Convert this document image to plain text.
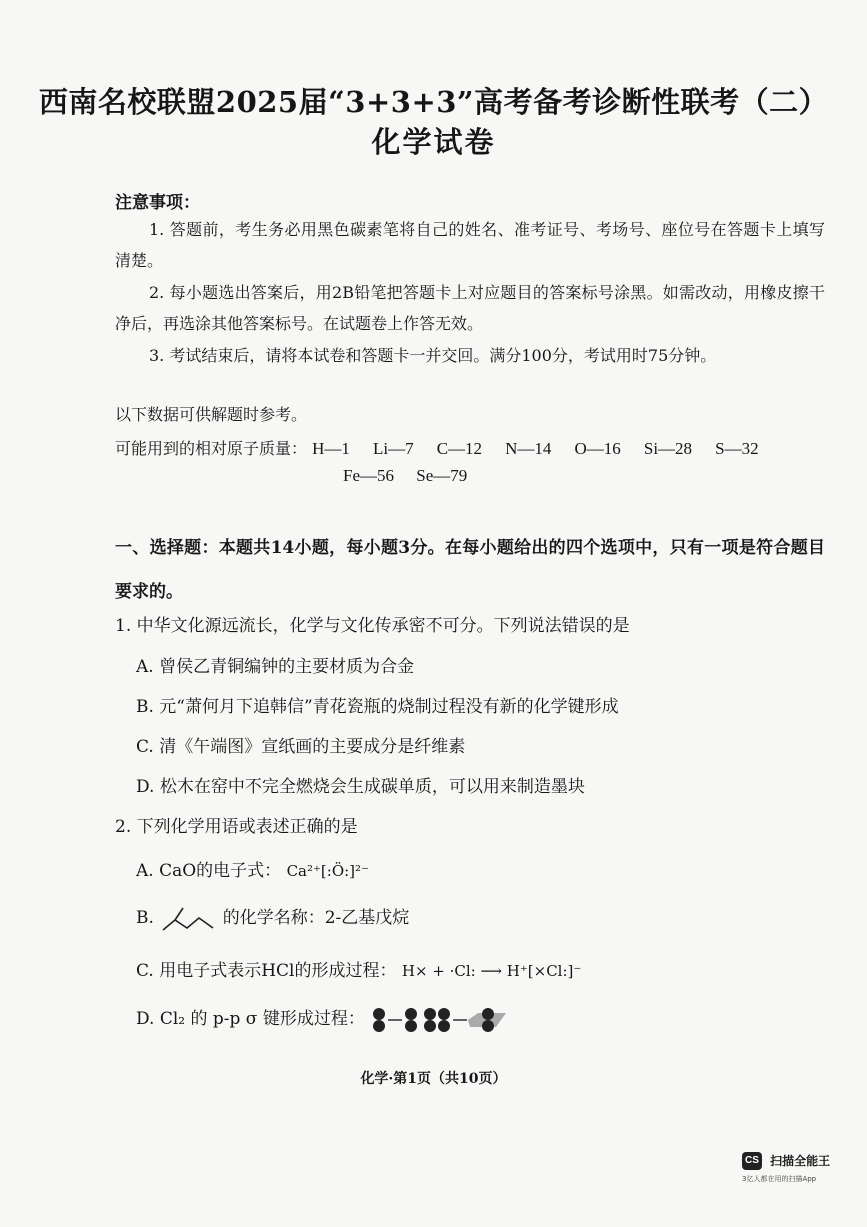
西南名校联盟2025届“3+3+3”高考备考诊断性联考（二）
化学试卷
注意事项：
1. 答题前，考生务必用黑色碳素笔将自己的姓名、准考证号、考场号、座位号在答题卡上填写清楚。
2. 每小题选出答案后，用2B铅笔把答题卡上对应题目的答案标号涂黑。如需改动，用橡皮擦干净后，再选涂其他答案标号。在试题卷上作答无效。
3. 考试结束后，请将本试卷和答题卡一并交回。满分100分，考试用时75分钟。
以下数据可供解题时参考。
可能用到的相对原子质量： H—1 Li—7 C—12 N—14 O—16 Si—28 S—32
Fe—56 Se—79
一、选择题：本题共14小题，每小题3分。在每小题给出的四个选项中，只有一项是符合题目要求的。
1. 中华文化源远流长，化学与文化传承密不可分。下列说法错误的是
A. 曾侯乙青铜编钟的主要材质为合金
B. 元“萧何月下追韩信”青花瓷瓶的烧制过程没有新的化学键形成
C. 清《午端图》宣纸画的主要成分是纤维素
D. 松木在窑中不完全燃烧会生成碳单质，可以用来制造墨块
2. 下列化学用语或表述正确的是
A. CaO的电子式： Ca²⁺[:Ö:]²⁻
B.	的化学名称：2-乙基戊烷
C. 用电子式表示HCl的形成过程： H× + ·Cl: ⟶ H⁺[×Cl:]⁻
D. Cl₂ 的 p-p σ 键形成过程：
化学·第1页（共10页）
CS 扫描全能王
3亿人都在用的扫描App
